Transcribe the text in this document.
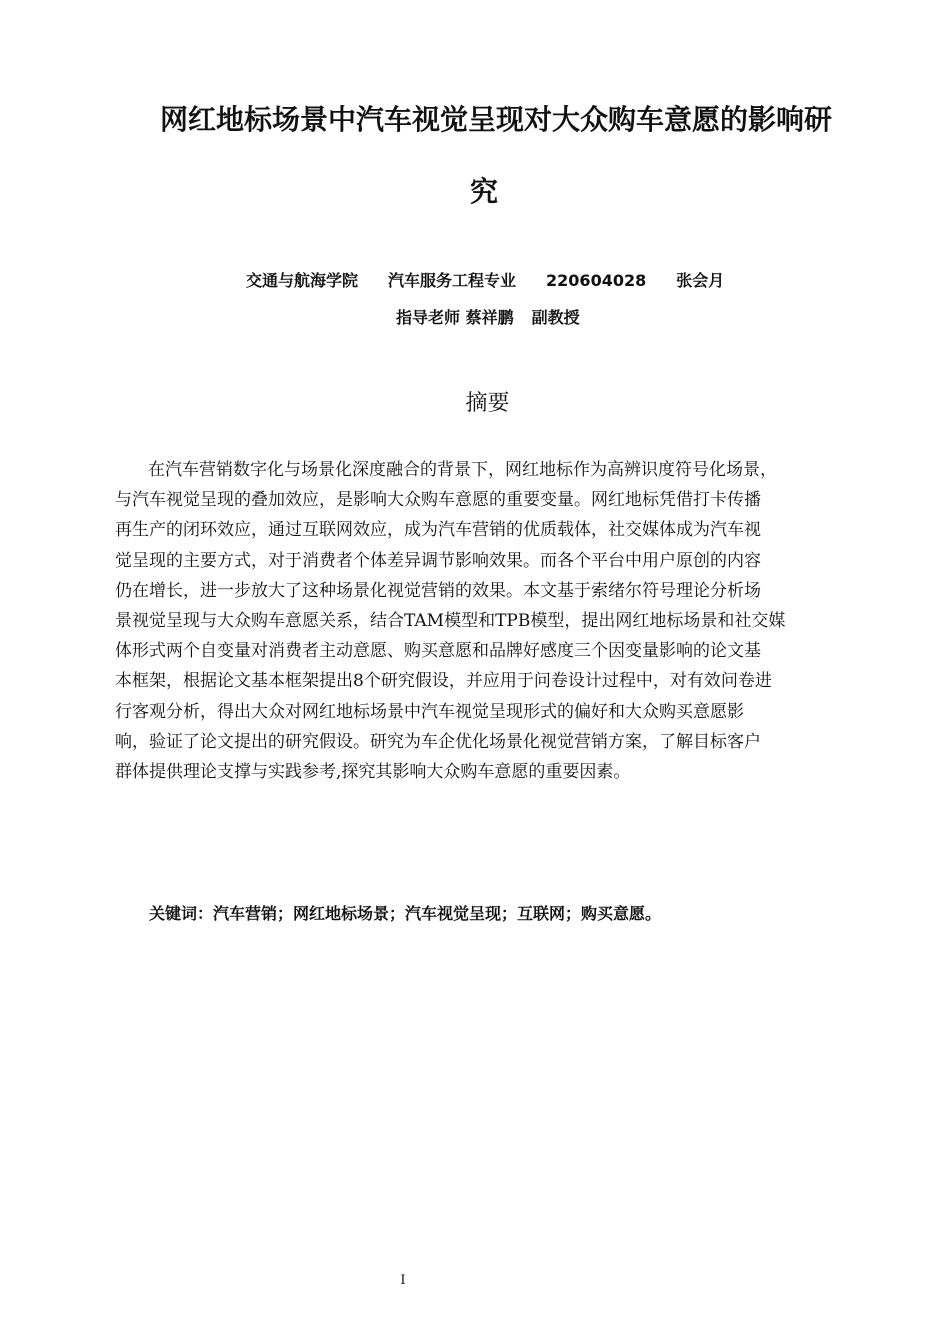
网红地标场景中汽车视觉呈现对大众购车意愿的影响研
究
交通与航海学院 汽车服务工程专业 220604028 张会月
指导老师 蔡祥鹏 副教授
摘要
在汽车营销数字化与场景化深度融合的背景下，网红地标作为高辨识度符号化场景，
与汽车视觉呈现的叠加效应，是影响大众购车意愿的重要变量。网红地标凭借打卡传播
再生产的闭环效应，通过互联网效应，成为汽车营销的优质载体，社交媒体成为汽车视
觉呈现的主要方式，对于消费者个体差异调节影响效果。而各个平台中用户原创的内容
仍在增长，进一步放大了这种场景化视觉营销的效果。本文基于索绪尔符号理论分析场
景视觉呈现与大众购车意愿关系，结合TAM模型和TPB模型，提出网红地标场景和社交媒
体形式两个自变量对消费者主动意愿、购买意愿和品牌好感度三个因变量影响的论文基
本框架，根据论文基本框架提出8个研究假设，并应用于问卷设计过程中，对有效问卷进
行客观分析，得出大众对网红地标场景中汽车视觉呈现形式的偏好和大众购买意愿影
响，验证了论文提出的研究假设。研究为车企优化场景化视觉营销方案，了解目标客户
群体提供理论支撑与实践参考,探究其影响大众购车意愿的重要因素。
关键词：汽车营销；网红地标场景；汽车视觉呈现；互联网；购买意愿。
I
